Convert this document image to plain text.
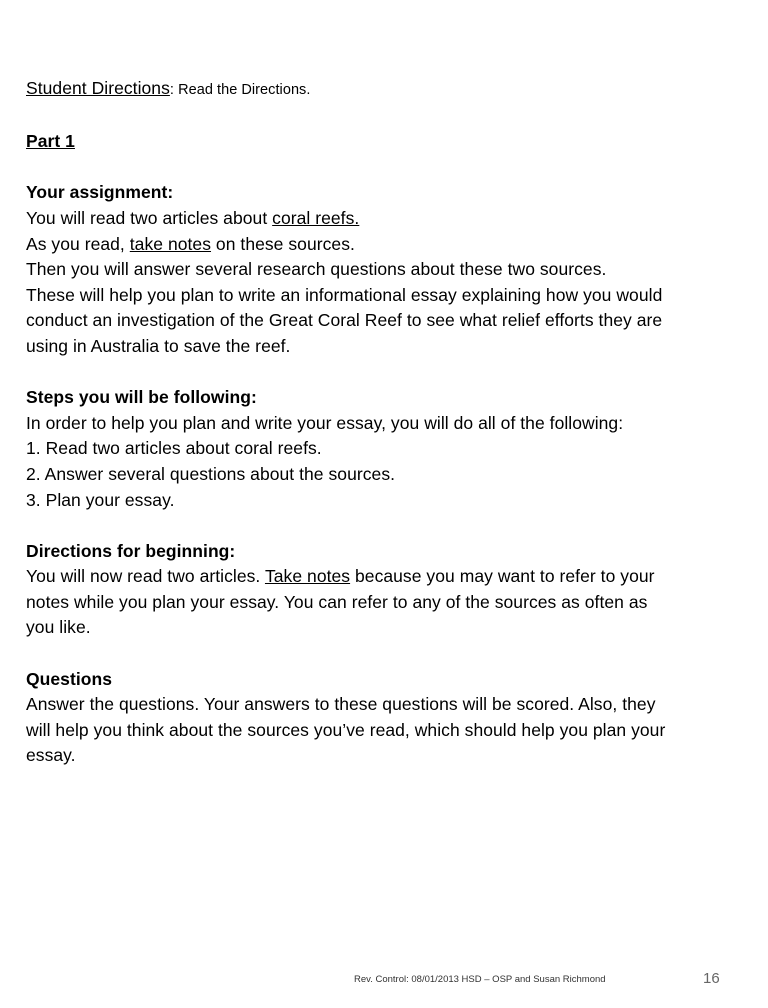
Student Directions: Read the Directions.
Part 1
Your assignment:
You will read two articles about coral reefs.
As you read, take notes on these sources.
Then you will answer several research questions about these two sources.
These will help you plan to write an informational essay explaining how you would
conduct an investigation of the Great Coral Reef to see what relief efforts they are
using in Australia to save the reef.
Steps you will be following:
In order to help you plan and write your essay, you will do all of the following:
1. Read two articles about coral reefs.
2. Answer several questions about the sources.
3. Plan your essay.
Directions for beginning:
You will now read two articles. Take notes because you may want to refer to your
notes while you plan your essay. You can refer to any of the sources as often as
you like.
Questions
Answer the questions. Your answers to these questions will be scored. Also, they
will help you think about the sources you’ve read, which should help you plan your
essay.
Rev. Control: 08/01/2013 HSD – OSP and Susan Richmond	16
